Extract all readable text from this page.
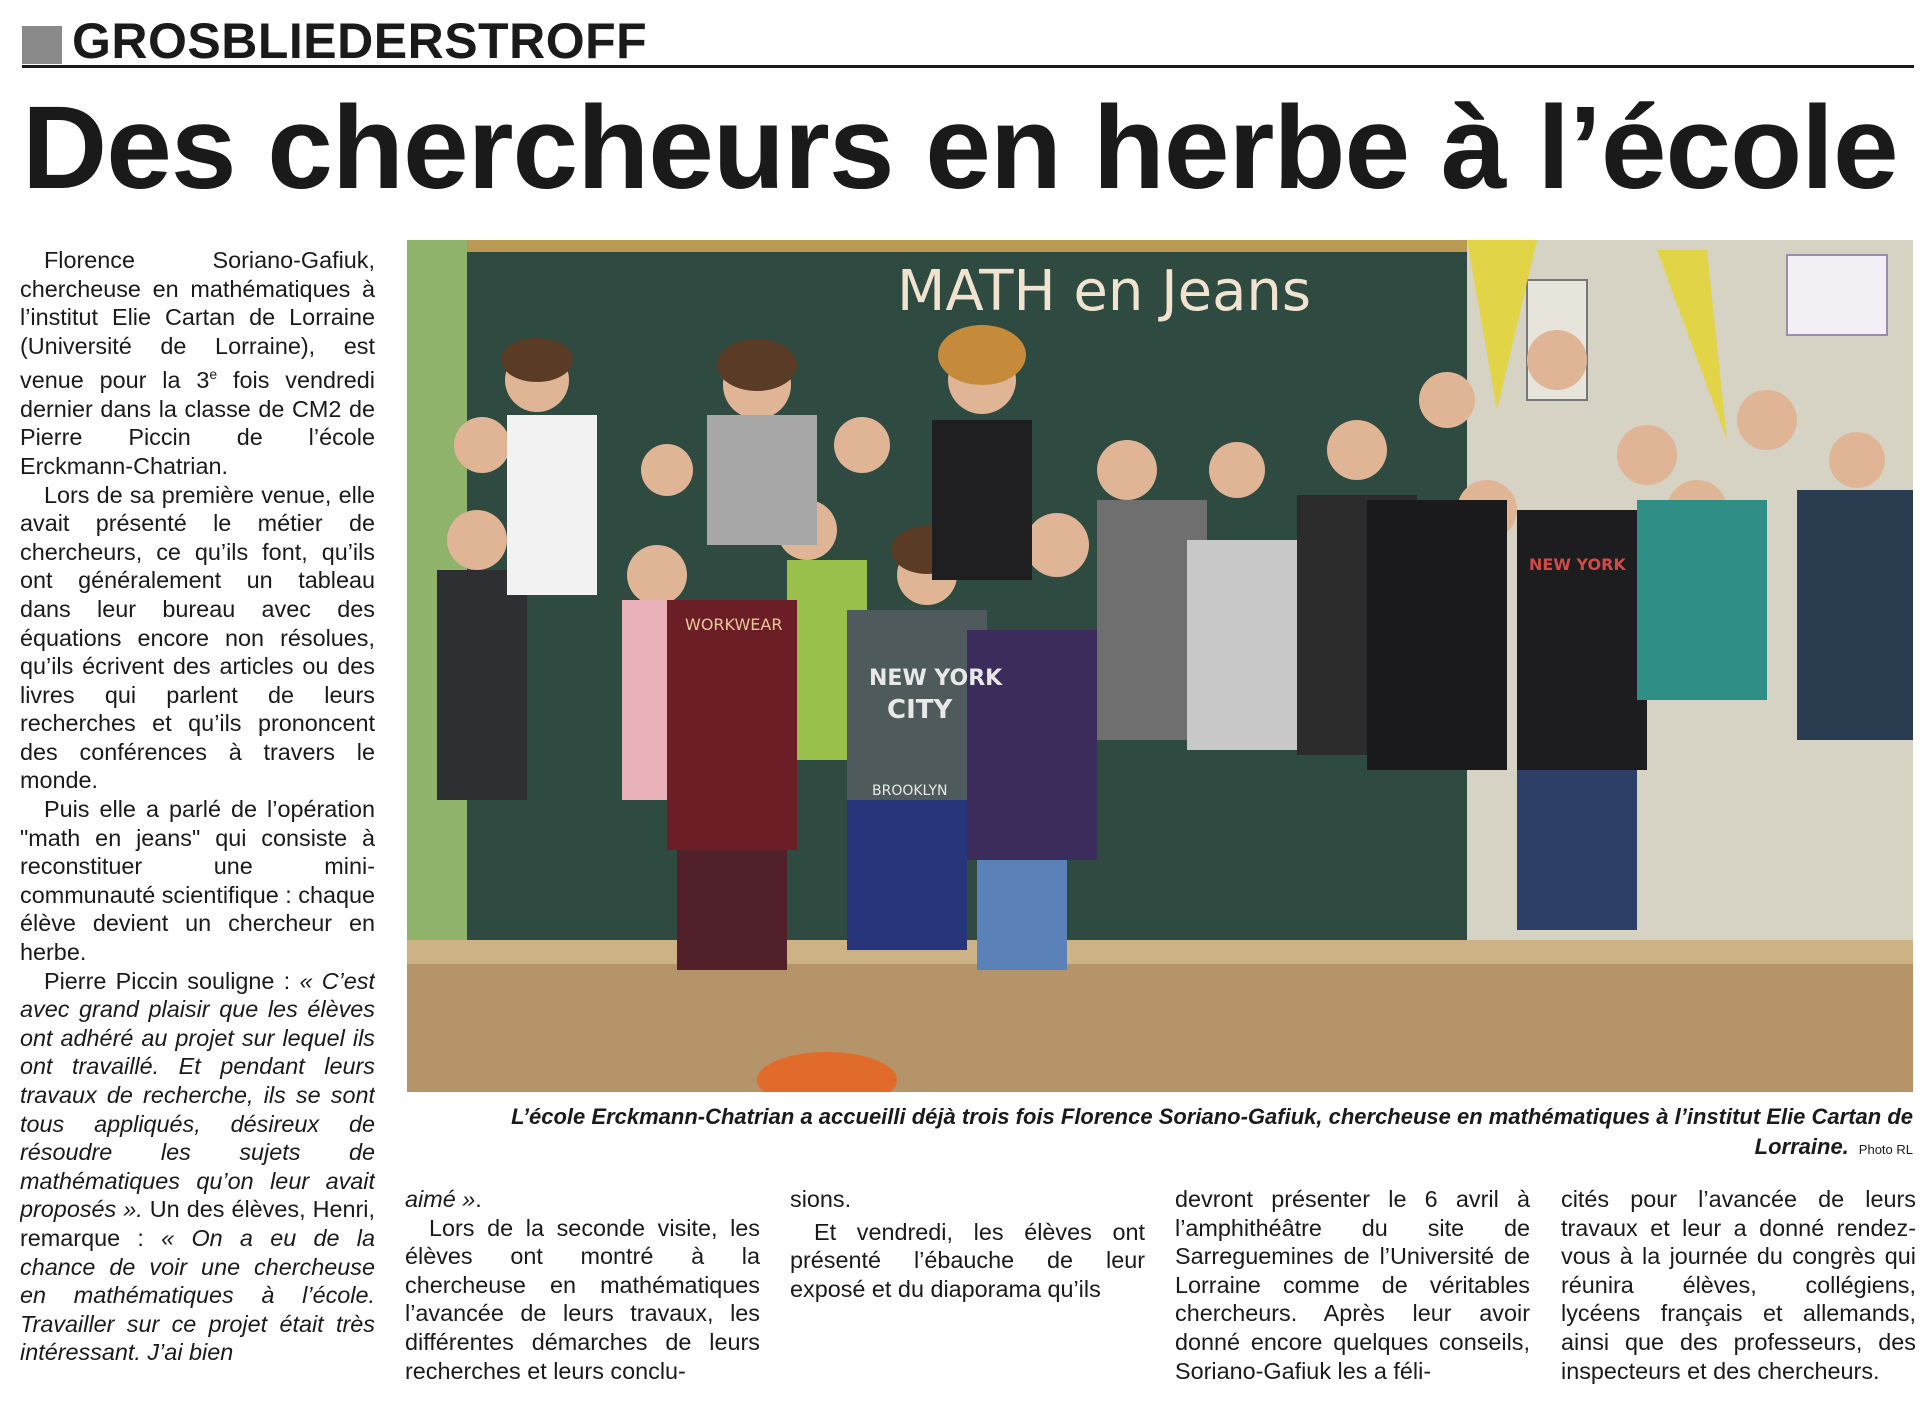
GROSBLIEDERSTROFF
Des chercheurs en herbe à l’école

Florence Soriano-Gafiuk, chercheuse en mathématiques à l’institut Elie Cartan de Lorraine (Université de Lorraine), est venue pour la 3e fois vendredi dernier dans la classe de CM2 de Pierre Piccin de l’école Erckmann-Chatrian.

Lors de sa première venue, elle avait présenté le métier de chercheurs, ce qu’ils font, qu’ils ont généralement un tableau dans leur bureau avec des équations encore non résolues, qu’ils écrivent des articles ou des livres qui parlent de leurs recherches et qu’ils prononcent des conférences à travers le monde.

Puis elle a parlé de l’opération "math en jeans" qui consiste à reconstituer une mini-communauté scientifique : chaque élève devient un chercheur en herbe.

Pierre Piccin souligne : « C’est avec grand plaisir que les élèves ont adhéré au projet sur lequel ils ont travaillé. Et pendant leurs travaux de recherche, ils se sont tous appliqués, désireux de résoudre les sujets de mathématiques qu’on leur avait proposés ». Un des élèves, Henri, remarque : « On a eu de la chance de voir une chercheuse en mathématiques à l’école. Travailler sur ce projet était très intéressant. J’ai bien

MATH en Jeans
NEW YORK
CITY
BROOKLYN
WORKWEAR
NEW YORK
L’école Erckmann-Chatrian a accueilli déjà trois fois Florence Soriano-Gafiuk, chercheuse en mathématiques à l’institut Elie Cartan de Lorraine. Photo RL

aimé ».

Lors de la seconde visite, les élèves ont montré à la chercheuse en mathématiques l’avancée de leurs travaux, les différentes démarches de leurs recherches et leurs conclu-

sions.

Et vendredi, les élèves ont présenté l’ébauche de leur exposé et du diaporama qu’ils

devront présenter le 6 avril à l’amphithéâtre du site de Sarreguemines de l’Université de Lorraine comme de véritables chercheurs. Après leur avoir donné encore quelques conseils, Soriano-Gafiuk les a féli-

cités pour l’avancée de leurs travaux et leur a donné rendez-vous à la journée du congrès qui réunira élèves, collégiens, lycéens français et allemands, ainsi que des professeurs, des inspecteurs et des chercheurs.
